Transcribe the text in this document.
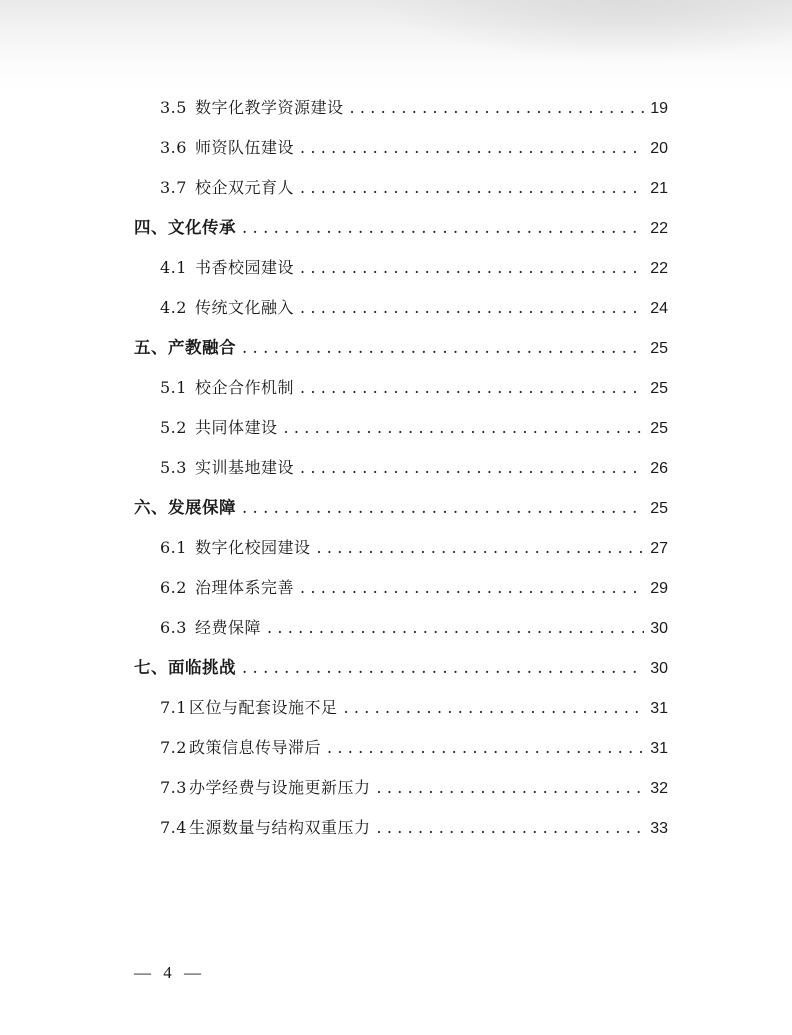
3.5 数字化教学资源建设 .....	19
3.6 师资队伍建设 .....	20
3.7 校企双元育人 .....	21
四、文化传承 .....	22
4.1 书香校园建设 .....	22
4.2 传统文化融入 .....	24
五、产教融合 .....	25
5.1 校企合作机制 .....	25
5.2 共同体建设 .....	25
5.3 实训基地建设 .....	26
六、发展保障 .....	25
6.1 数字化校园建设 .....	27
6.2 治理体系完善 .....	29
6.3 经费保障 .....	30
七、面临挑战 .....	30
7.1 区位与配套设施不足 .....	31
7.2 政策信息传导滞后 .....	31
7.3 办学经费与设施更新压力 .....	32
7.4 生源数量与结构双重压力 .....	33
— 4 —
